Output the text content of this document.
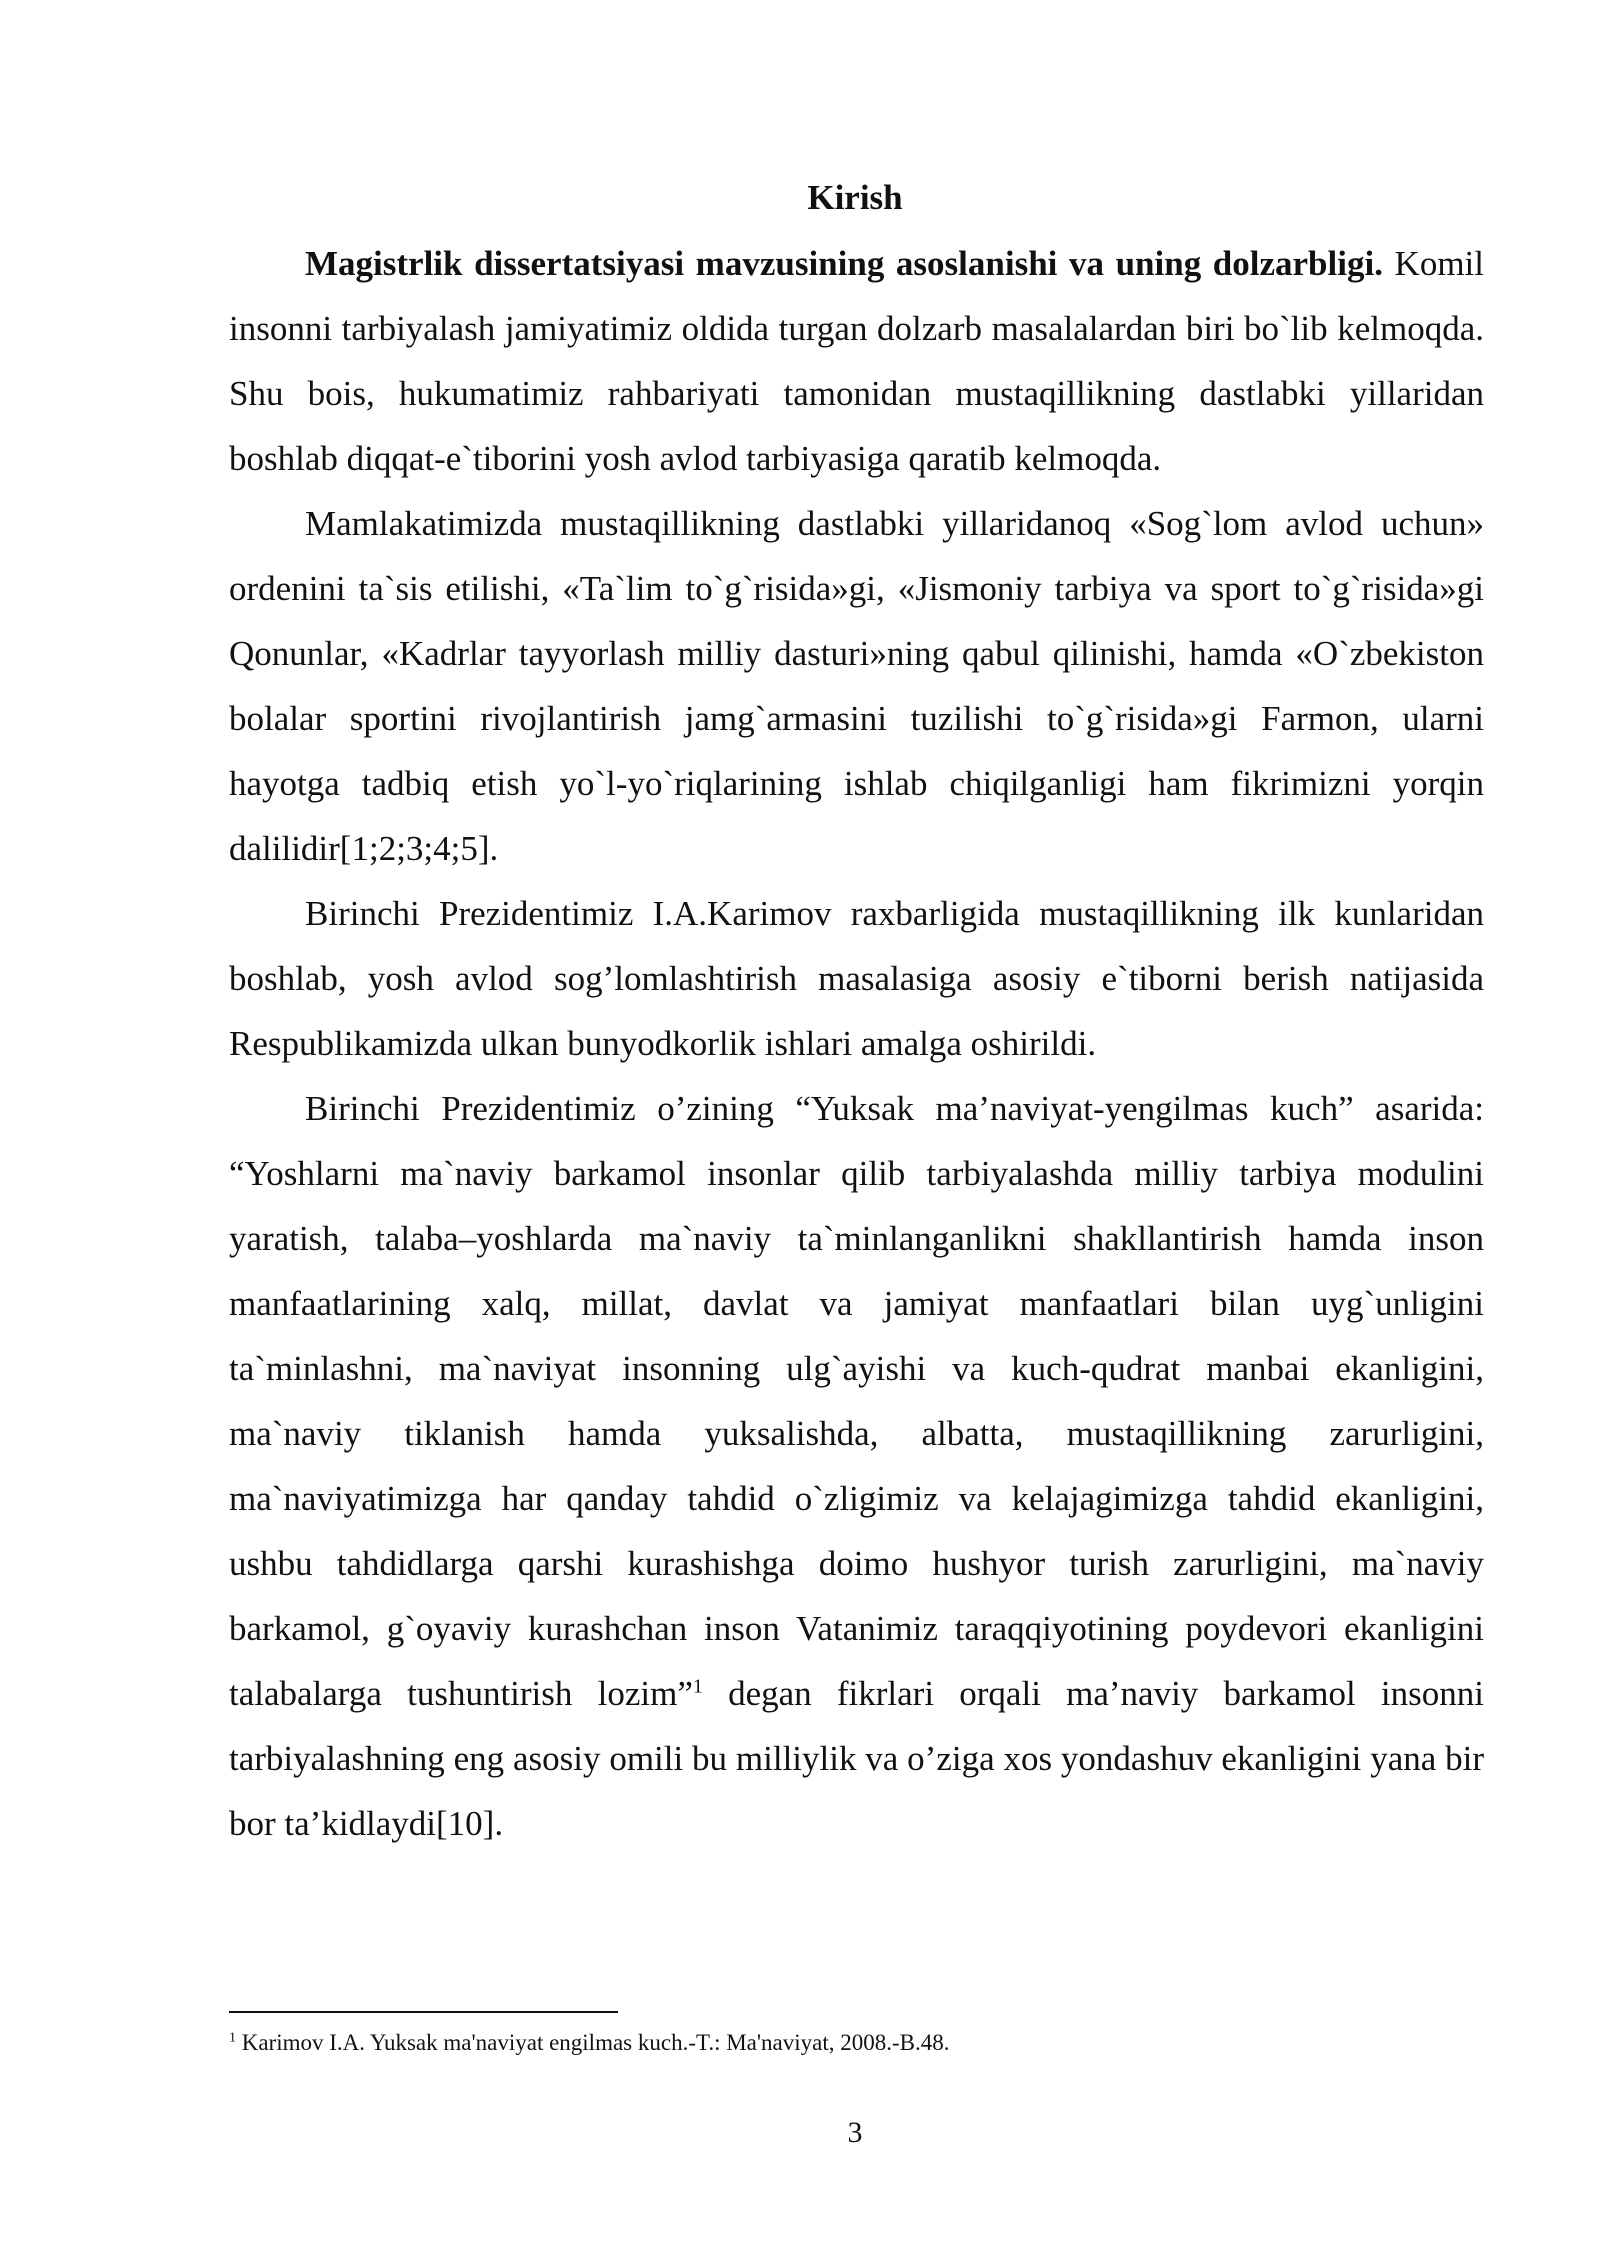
Kirish

Magistrlik dissertatsiyasi mavzusining asoslanishi va uning dolzarbligi. Komil insonni tarbiyalash jamiyatimiz oldida turgan dolzarb masalalardan biri bo`lib kelmoqda. Shu bois, hukumatimiz rahbariyati tamonidan mustaqillikning dastlabki yillaridan boshlab diqqat-e`tiborini yosh avlod tarbiyasiga qaratib kelmoqda.

Mamlakatimizda mustaqillikning dastlabki yillaridanoq «Sog`lom avlod uchun» ordenini ta`sis etilishi, «Ta`lim to`g`risida»gi, «Jismoniy tarbiya va sport to`g`risida»gi Qonunlar, «Kadrlar tayyorlash milliy dasturi»ning qabul qilinishi, hamda «O`zbekiston bolalar sportini rivojlantirish jamg`armasini tuzilishi to`g`risida»gi Farmon, ularni hayotga tadbiq etish yo`l-yo`riqlarining ishlab chiqilganligi ham fikrimizni yorqin dalilidir[1;2;3;4;5].

Birinchi Prezidentimiz I.A.Karimov raxbarligida mustaqillikning ilk kunlaridan boshlab, yosh avlod sog’lomlashtirish masalasiga asosiy e`tiborni berish natijasida Respublikamizda ulkan bunyodkorlik ishlari amalga oshirildi.

Birinchi Prezidentimiz o’zining “Yuksak ma’naviyat-yengilmas kuch” asarida: “Yoshlarni ma`naviy barkamol insonlar qilib tarbiyalashda milliy tarbiya modulini yaratish, talaba–yoshlarda ma`naviy ta`minlanganlikni shakllantirish hamda inson manfaatlarining xalq, millat, davlat va jamiyat manfaatlari bilan uyg`unligini ta`minlashni, ma`naviyat insonning ulg`ayishi va kuch-qudrat manbai ekanligini, ma`naviy tiklanish hamda yuksalishda, albatta, mustaqillikning zarurligini, ma`naviyatimizga har qanday tahdid o`zligimiz va kelajagimizga tahdid ekanligini, ushbu tahdidlarga qarshi kurashishga doimo hushyor turish zarurligini, ma`naviy barkamol, g`oyaviy kurashchan inson Vatanimiz taraqqiyotining poydevori ekanligini talabalarga tushuntirish lozim”$^1$ degan fikrlari orqali ma’naviy barkamol insonni tarbiyalashning eng asosiy omili bu milliylik va o’ziga xos yondashuv ekanligini yana bir bor ta’kidlaydi[10].

$^1$ Karimov I.A. Yuksak ma'naviyat engilmas kuch.-T.: Ma'naviyat, 2008.-B.48.
3
